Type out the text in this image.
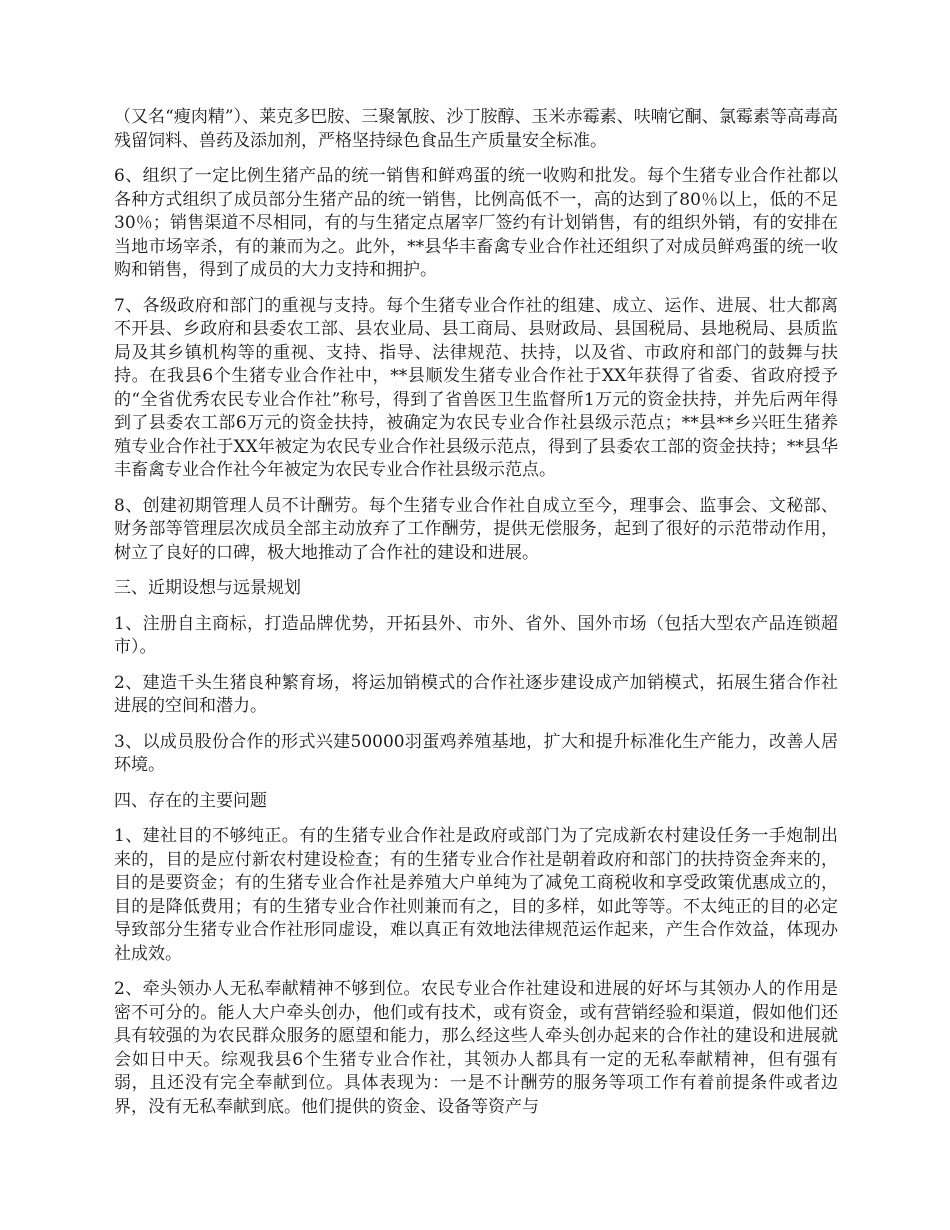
（又名“瘦肉精”）、莱克多巴胺、三聚氰胺、沙丁胺醇、玉米赤霉素、呋喃它酮、氯霉素等高毒高残留饲料、兽药及添加剂，严格坚持绿色食品生产质量安全标准。

6、组织了一定比例生猪产品的统一销售和鲜鸡蛋的统一收购和批发。每个生猪专业合作社都以各种方式组织了成员部分生猪产品的统一销售，比例高低不一，高的达到了80％以上，低的不足30％；销售渠道不尽相同，有的与生猪定点屠宰厂签约有计划销售，有的组织外销，有的安排在当地市场宰杀，有的兼而为之。此外，**县华丰畜禽专业合作社还组织了对成员鲜鸡蛋的统一收购和销售，得到了成员的大力支持和拥护。

7、各级政府和部门的重视与支持。每个生猪专业合作社的组建、成立、运作、进展、壮大都离不开县、乡政府和县委农工部、县农业局、县工商局、县财政局、县国税局、县地税局、县质监局及其乡镇机构等的重视、支持、指导、法律规范、扶持，以及省、市政府和部门的鼓舞与扶持。在我县6个生猪专业合作社中，**县顺发生猪专业合作社于XX年获得了省委、省政府授予的“全省优秀农民专业合作社”称号，得到了省兽医卫生监督所1万元的资金扶持，并先后两年得到了县委农工部6万元的资金扶持，被确定为农民专业合作社县级示范点；**县**乡兴旺生猪养殖专业合作社于XX年被定为农民专业合作社县级示范点，得到了县委农工部的资金扶持；**县华丰畜禽专业合作社今年被定为农民专业合作社县级示范点。

8、创建初期管理人员不计酬劳。每个生猪专业合作社自成立至今，理事会、监事会、文秘部、财务部等管理层次成员全部主动放弃了工作酬劳，提供无偿服务，起到了很好的示范带动作用，树立了良好的口碑，极大地推动了合作社的建设和进展。

三、近期设想与远景规划

1、注册自主商标，打造品牌优势，开拓县外、市外、省外、国外市场（包括大型农产品连锁超市）。

2、建造千头生猪良种繁育场，将运加销模式的合作社逐步建设成产加销模式，拓展生猪合作社进展的空间和潜力。

3、以成员股份合作的形式兴建50000羽蛋鸡养殖基地，扩大和提升标准化生产能力，改善人居环境。

四、存在的主要问题

1、建社目的不够纯正。有的生猪专业合作社是政府或部门为了完成新农村建设任务一手炮制出来的，目的是应付新农村建设检查；有的生猪专业合作社是朝着政府和部门的扶持资金奔来的，目的是要资金；有的生猪专业合作社是养殖大户单纯为了减免工商税收和享受政策优惠成立的，目的是降低费用；有的生猪专业合作社则兼而有之，目的多样，如此等等。不太纯正的目的必定导致部分生猪专业合作社形同虚设，难以真正有效地法律规范运作起来，产生合作效益，体现办社成效。

2、牵头领办人无私奉献精神不够到位。农民专业合作社建设和进展的好坏与其领办人的作用是密不可分的。能人大户牵头创办，他们或有技术，或有资金，或有营销经验和渠道，假如他们还具有较强的为农民群众服务的愿望和能力，那么经这些人牵头创办起来的合作社的建设和进展就会如日中天。综观我县6个生猪专业合作社，其领办人都具有一定的无私奉献精神，但有强有弱，且还没有完全奉献到位。具体表现为：一是不计酬劳的服务等项工作有着前提条件或者边界，没有无私奉献到底。他们提供的资金、设备等资产与
